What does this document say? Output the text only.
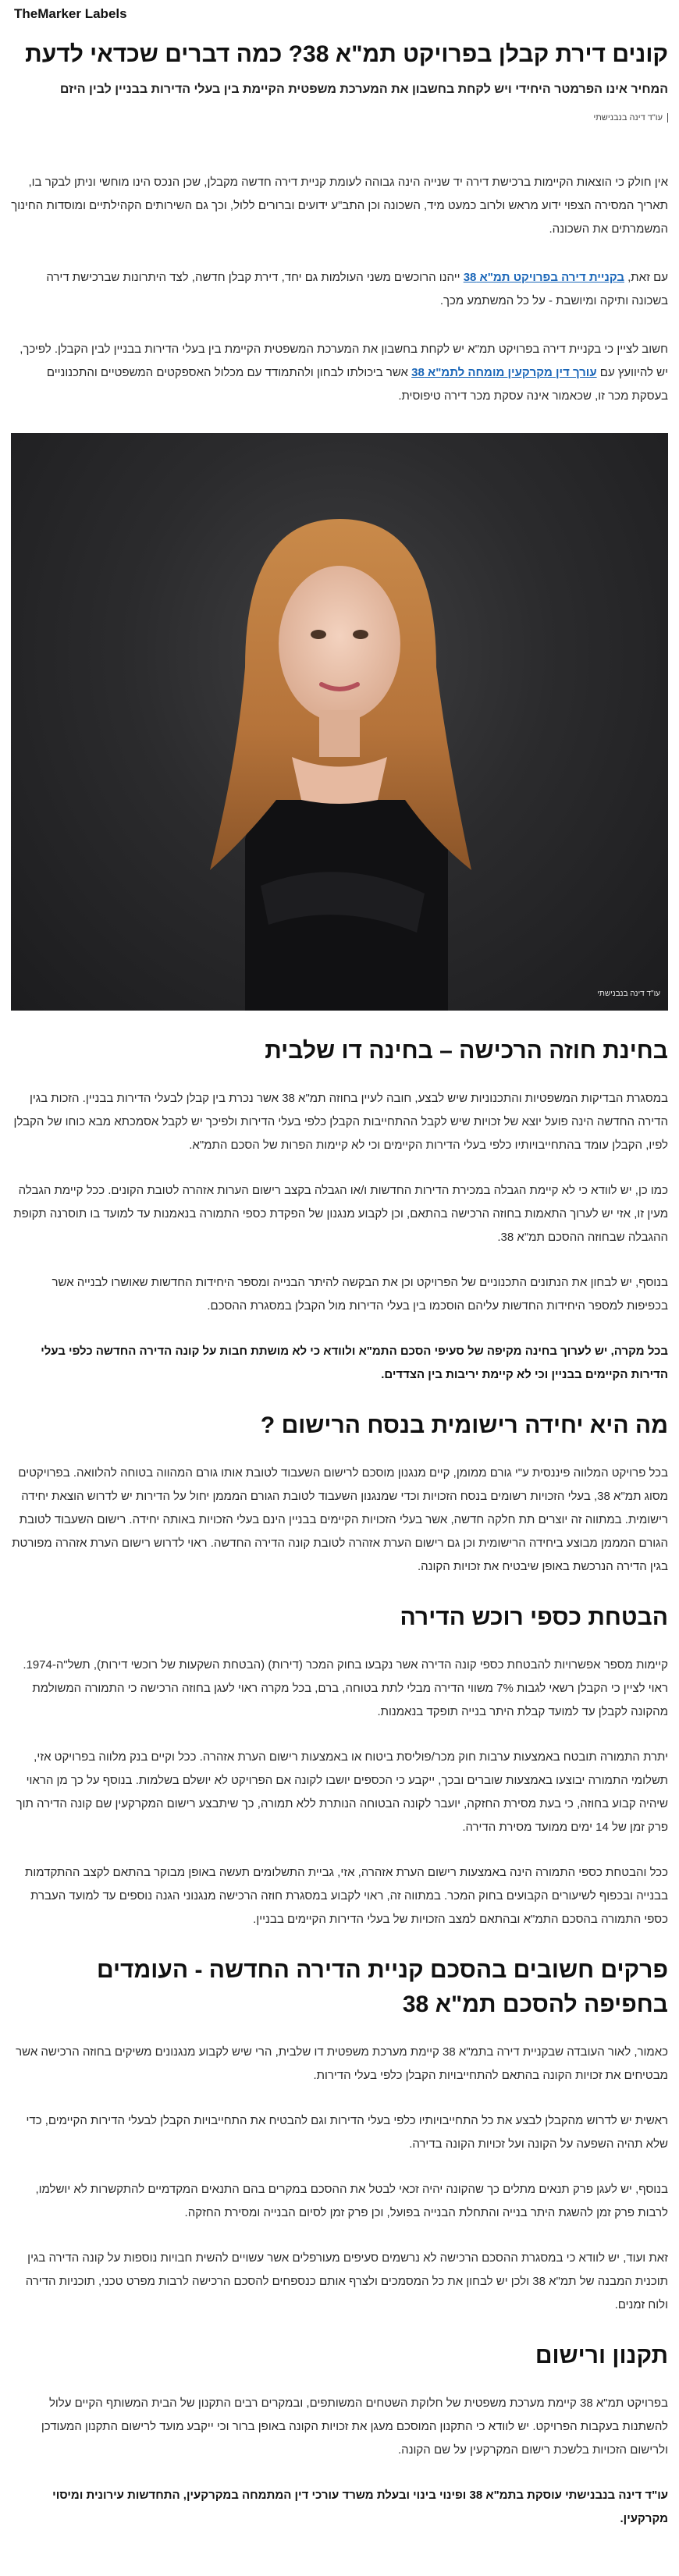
TheMarker Labels
קונים דירת קבלן בפרויקט תמ"א 38? כמה דברים שכדאי לדעת
המחיר אינו הפרמטר היחידי ויש לקחת בחשבון את המערכת משפטית הקיימת בין בעלי הדירות בבניין לבין היזם
עו"ד דינה בנבנישתי

אין חולק כי הוצאות הקיימות ברכישת דירה יד שנייה הינה גבוהה לעומת קניית דירה חדשה מקבלן, שכן הנכס הינו מוחשי וניתן לבקר בו, תאריך המסירה הצפוי ידוע מראש ולרוב כמעט מיד, השכונה וכן התב"ע ידועים וברורים ללול, וכך גם השירותים הקהילתיים ומוסדות החינוך המשמרתים את השכונה.

עם זאת, בקניית דירה בפרויקט תמ"א 38 ייהנו הרוכשים משני העולמות גם יחד, דירת קבלן חדשה, לצד היתרונות שברכישת דירה בשכונה ותיקה ומיושבת - על כל המשתמע מכך.

חשוב לציין כי בקניית דירה בפרויקט תמ"א יש לקחת בחשבון את המערכת המשפטית הקיימת בין בעלי הדירות בבניין לבין הקבלן. לפיכך, יש להיוועץ עם עורך דין מקרקעין מומחה לתמ"א 38 אשר ביכולתו לבחון ולהתמודד עם מכלול האספקטים המשפטיים והתכנוניים בעסקת מכר זו, שכאמור אינה עסקת מכר דירה טיפוסית.

עו"ד דינה בנבנישתי
בחינת חוזה הרכישה – בחינה דו שלבית

במסגרת הבדיקות המשפטיות והתכנוניות שיש לבצע, חובה לעיין בחוזה תמ"א 38 אשר נכרת בין קבלן לבעלי הדירות בבניין. הזכות בגין הדירה החדשה הינה פועל יוצא של זכויות שיש לקבל ההתחייבות הקבלן כלפי בעלי הדירות ולפיכך יש לקבל אסמכתא מבא כוחו של הקבלן לפיו, הקבלן עומד בהתחייבויותיו כלפי בעלי הדירות הקיימים וכי לא קיימות הפרות של הסכם התמ"א.

כמו כן, יש לוודא כי לא קיימת הגבלה במכירת הדירות החדשות ו/או הגבלה בקצב רישום הערות אזהרה לטובת הקונים. ככל קיימת הגבלה מעין זו, אזי יש לערוך התאמות בחוזה הרכישה בהתאם, וכן לקבוע מנגנון של הפקדת כספי התמורה בנאמנות עד למועד בו תוסרנה תקופת ההגבלה שבחוזה ההסכם תמ"א 38.

בנוסף, יש לבחון את הנתונים התכנוניים של הפרויקט וכן את הבקשה להיתר הבנייה ומספר היחידות החדשות שאושרו לבנייה אשר בכפיפות למספר היחידות החדשות עליהם הוסכמו בין בעלי הדירות מול הקבלן במסגרת ההסכם.

בכל מקרה, יש לערוך בחינה מקיפה של סעיפי הסכם התמ"א ולוודא כי לא מושתת חבות על קונה הדירה החדשה כלפי בעלי הדירות הקיימים בבניין וכי לא קיימת יריבות בין הצדדים.

מה היא יחידה רישומית בנסח הרישום ?

בכל פרויקט המלווה פיננסית ע"י גורם ממומן, קיים מנגנון מוסכם לרישום השעבוד לטובת אותו גורם המהווה בטוחה להלוואה. בפרויקטים מסוג תמ"א 38, בעלי הזכויות רשומים בנסח הזכויות וכדי שמנגנון השעבוד לטובת הגורם המממן יחול על הדירות יש לדרוש הוצאת יחידה רישומית. במתווה זה יוצרים תת חלקה חדשה, אשר בעלי הזכויות הקיימים בבניין הינם בעלי הזכויות באותה יחידה. רישום השעבוד לטובת הגורם המממן מבוצע ביחידה הרישומית וכן גם רישום הערת אזהרה לטובת קונה הדירה החדשה. ראוי לדרוש רישום הערת אזהרה מפורטת בגין הדירה הנרכשת באופן שיבטיח את זכויות הקונה.

הבטחת כספי רוכש הדירה

קיימות מספר אפשרויות להבטחת כספי קונה הדירה אשר נקבעו בחוק המכר (דירות) (הבטחת השקעות של רוכשי דירות), תשל"ה-1974. ראוי לציין כי הקבלן רשאי לגבות 7% משווי הדירה מבלי לתת בטוחה, ברם, בכל מקרה ראוי לעגן בחוזה הרכישה כי התמורה המשולמת מהקונה לקבלן עד למועד קבלת היתר בנייה תופקד בנאמנות.

יתרת התמורה תובטח באמצעות ערבות חוק מכר/פוליסת ביטוח או באמצעות רישום הערת אזהרה. ככל וקיים בנק מלווה בפרויקט אזי, תשלומי התמורה יבוצעו באמצעות שוברים ובכך, ייקבע כי הכספים יושבו לקונה אם הפרויקט לא יושלם בשלמות. בנוסף על כך מן הראוי שיהיה קבוע בחוזה, כי בעת מסירת החזקה, יועבר לקונה הבטוחה הנותרת ללא תמורה, כך שיתבצע רישום המקרקעין שם קונה הדירה תוך פרק זמן של 14 ימים ממועד מסירת הדירה.

ככל והבטחת כספי התמורה הינה באמצעות רישום הערת אזהרה, אזי, גביית התשלומים תעשה באופן מבוקר בהתאם לקצב ההתקדמות בבנייה ובכפוף לשיעורים הקבועים בחוק המכר. במתווה זה, ראוי לקבוע במסגרת חוזה הרכישה מנגנוני הגנה נוספים עד למועד העברת כספי התמורה בהסכם התמ"א ובהתאם למצב הזכויות של בעלי הדירות הקיימים בבניין.

פרקים חשובים בהסכם קניית הדירה החדשה - העומדים בחפיפה להסכם תמ"א 38

כאמור, לאור העובדה שבקניית דירה בתמ"א 38 קיימת מערכת משפטית דו שלבית, הרי שיש לקבוע מנגנונים משיקים בחוזה הרכישה אשר מבטיחים את זכויות הקונה בהתאם להתחייבויות הקבלן כלפי בעלי הדירות.

ראשית יש לדרוש מהקבלן לבצע את כל התחייבויותיו כלפי בעלי הדירות וגם להבטיח את התחייבויות הקבלן לבעלי הדירות הקיימים, כדי שלא תהיה השפעה על הקונה ועל זכויות הקונה בדירה.

בנוסף, יש לעגן פרק תנאים מתלים כך שהקונה יהיה זכאי לבטל את ההסכם במקרים בהם התנאים המקדמיים להתקשרות לא יושלמו, לרבות פרק זמן להשגת היתר בנייה והתחלת הבנייה בפועל, וכן פרק זמן לסיום הבנייה ומסירת החזקה.

זאת ועוד, יש לוודא כי במסגרת ההסכם הרכישה לא נרשמים סעיפים מעורפלים אשר עשויים להשית חבויות נוספות על קונה הדירה בגין תוכנית המבנה של תמ"א 38 ולכן יש לבחון את כל המסמכים ולצרף אותם כנספחים להסכם הרכישה לרבות מפרט טכני, תוכניות הדירה ולוח זמנים.

תקנון ורישום

בפרויקט תמ"א 38 קיימת מערכת משפטית של חלוקת השטחים המשותפים, ובמקרים רבים התקנון של הבית המשותף הקיים עלול להשתנות בעקבות הפרויקט. יש לוודא כי התקנון המוסכם מעגן את זכויות הקונה באופן ברור וכי ייקבע מועד לרישום התקנון המעודכן ולרישום הזכויות בלשכת רישום המקרקעין על שם הקונה.

עו"ד דינה בנבנישתי עוסקת בתמ"א 38 ופינוי בינוי ובעלת משרד עורכי דין המתמחה במקרקעין, התחדשות עירונית ומיסוי מקרקעין.
